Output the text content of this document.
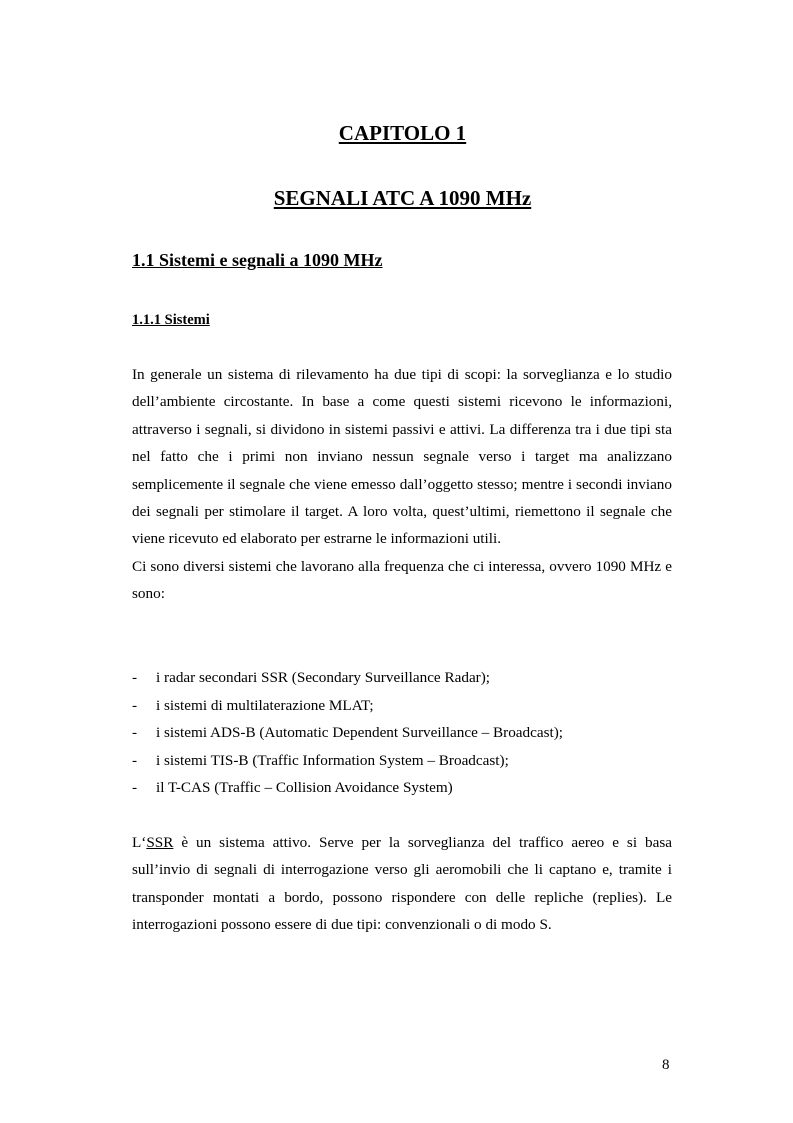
CAPITOLO 1
SEGNALI ATC A 1090 MHz
1.1 Sistemi e segnali a 1090 MHz
1.1.1 Sistemi
In generale un sistema di rilevamento ha due tipi di scopi: la sorveglianza e lo studio dell’ambiente circostante. In base a come questi sistemi ricevono le informazioni, attraverso i segnali, si dividono in sistemi passivi e attivi. La differenza tra i due tipi sta nel fatto che i primi non inviano nessun segnale verso i target ma analizzano semplicemente il segnale che viene emesso dall’oggetto stesso; mentre i secondi inviano dei segnali per stimolare il target. A loro volta, quest’ultimi, riemettono il segnale che viene ricevuto ed elaborato per estrarne le informazioni utili.
Ci sono diversi sistemi che lavorano alla frequenza che ci interessa, ovvero 1090 MHz e sono:
- i radar secondari SSR (Secondary Surveillance Radar);
- i sistemi di multilaterazione MLAT;
- i sistemi ADS-B (Automatic Dependent Surveillance – Broadcast);
- i sistemi TIS-B (Traffic Information System – Broadcast);
- il T-CAS (Traffic – Collision Avoidance System)

L‘SSR è un sistema attivo. Serve per la sorveglianza del traffico aereo e si basa sull’invio di segnali di interrogazione verso gli aeromobili che li captano e, tramite i transponder montati a bordo, possono rispondere con delle repliche (replies). Le interrogazioni possono essere di due tipi: convenzionali o di modo S.

8
